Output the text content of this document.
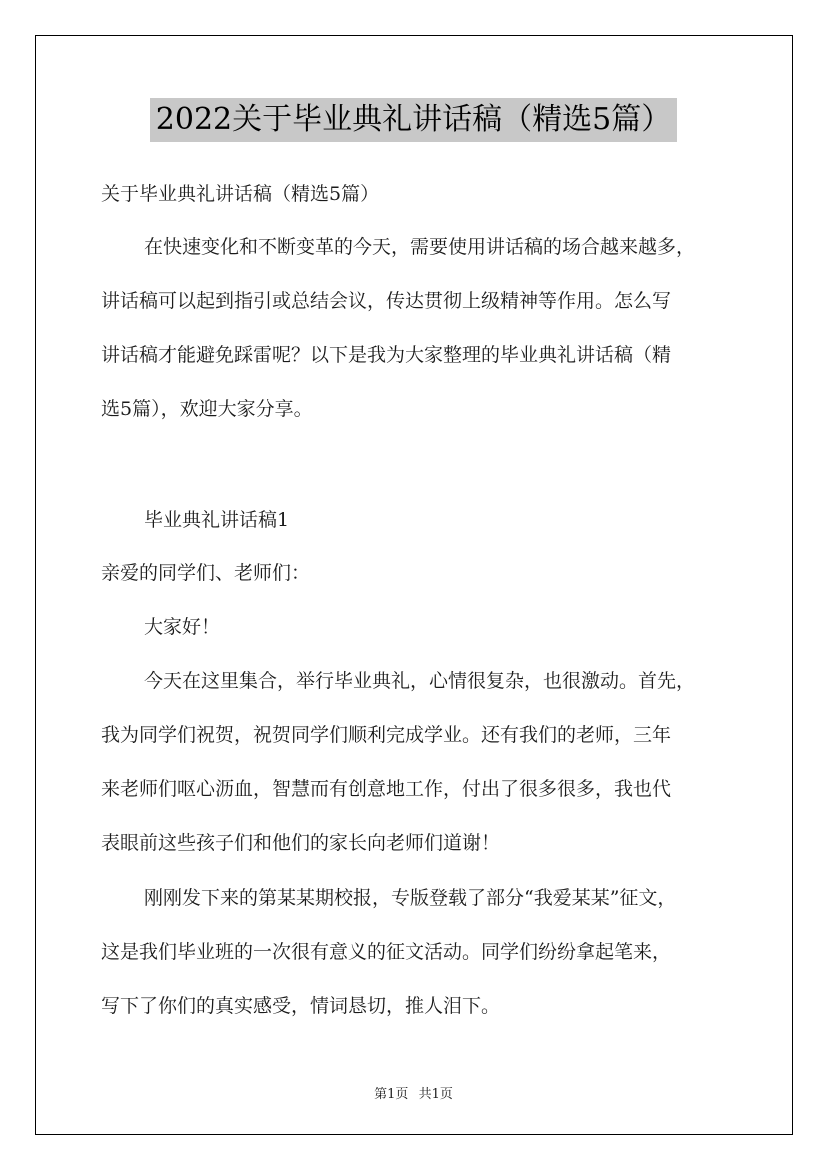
2022关于毕业典礼讲话稿（精选5篇）
关于毕业典礼讲话稿（精选5篇）
在快速变化和不断变革的今天，需要使用讲话稿的场合越来越多，
讲话稿可以起到指引或总结会议，传达贯彻上级精神等作用。怎么写
讲话稿才能避免踩雷呢？以下是我为大家整理的毕业典礼讲话稿（精
选5篇），欢迎大家分享。
毕业典礼讲话稿1
亲爱的同学们、老师们：
大家好！
今天在这里集合，举行毕业典礼，心情很复杂，也很激动。首先，
我为同学们祝贺，祝贺同学们顺利完成学业。还有我们的老师，三年
来老师们呕心沥血，智慧而有创意地工作，付出了很多很多，我也代
表眼前这些孩子们和他们的家长向老师们道谢！
刚刚发下来的第某某期校报，专版登载了部分“我爱某某”征文，
这是我们毕业班的一次很有意义的征文活动。同学们纷纷拿起笔来，
写下了你们的真实感受，情词恳切，推人泪下。
第1页 共1页
